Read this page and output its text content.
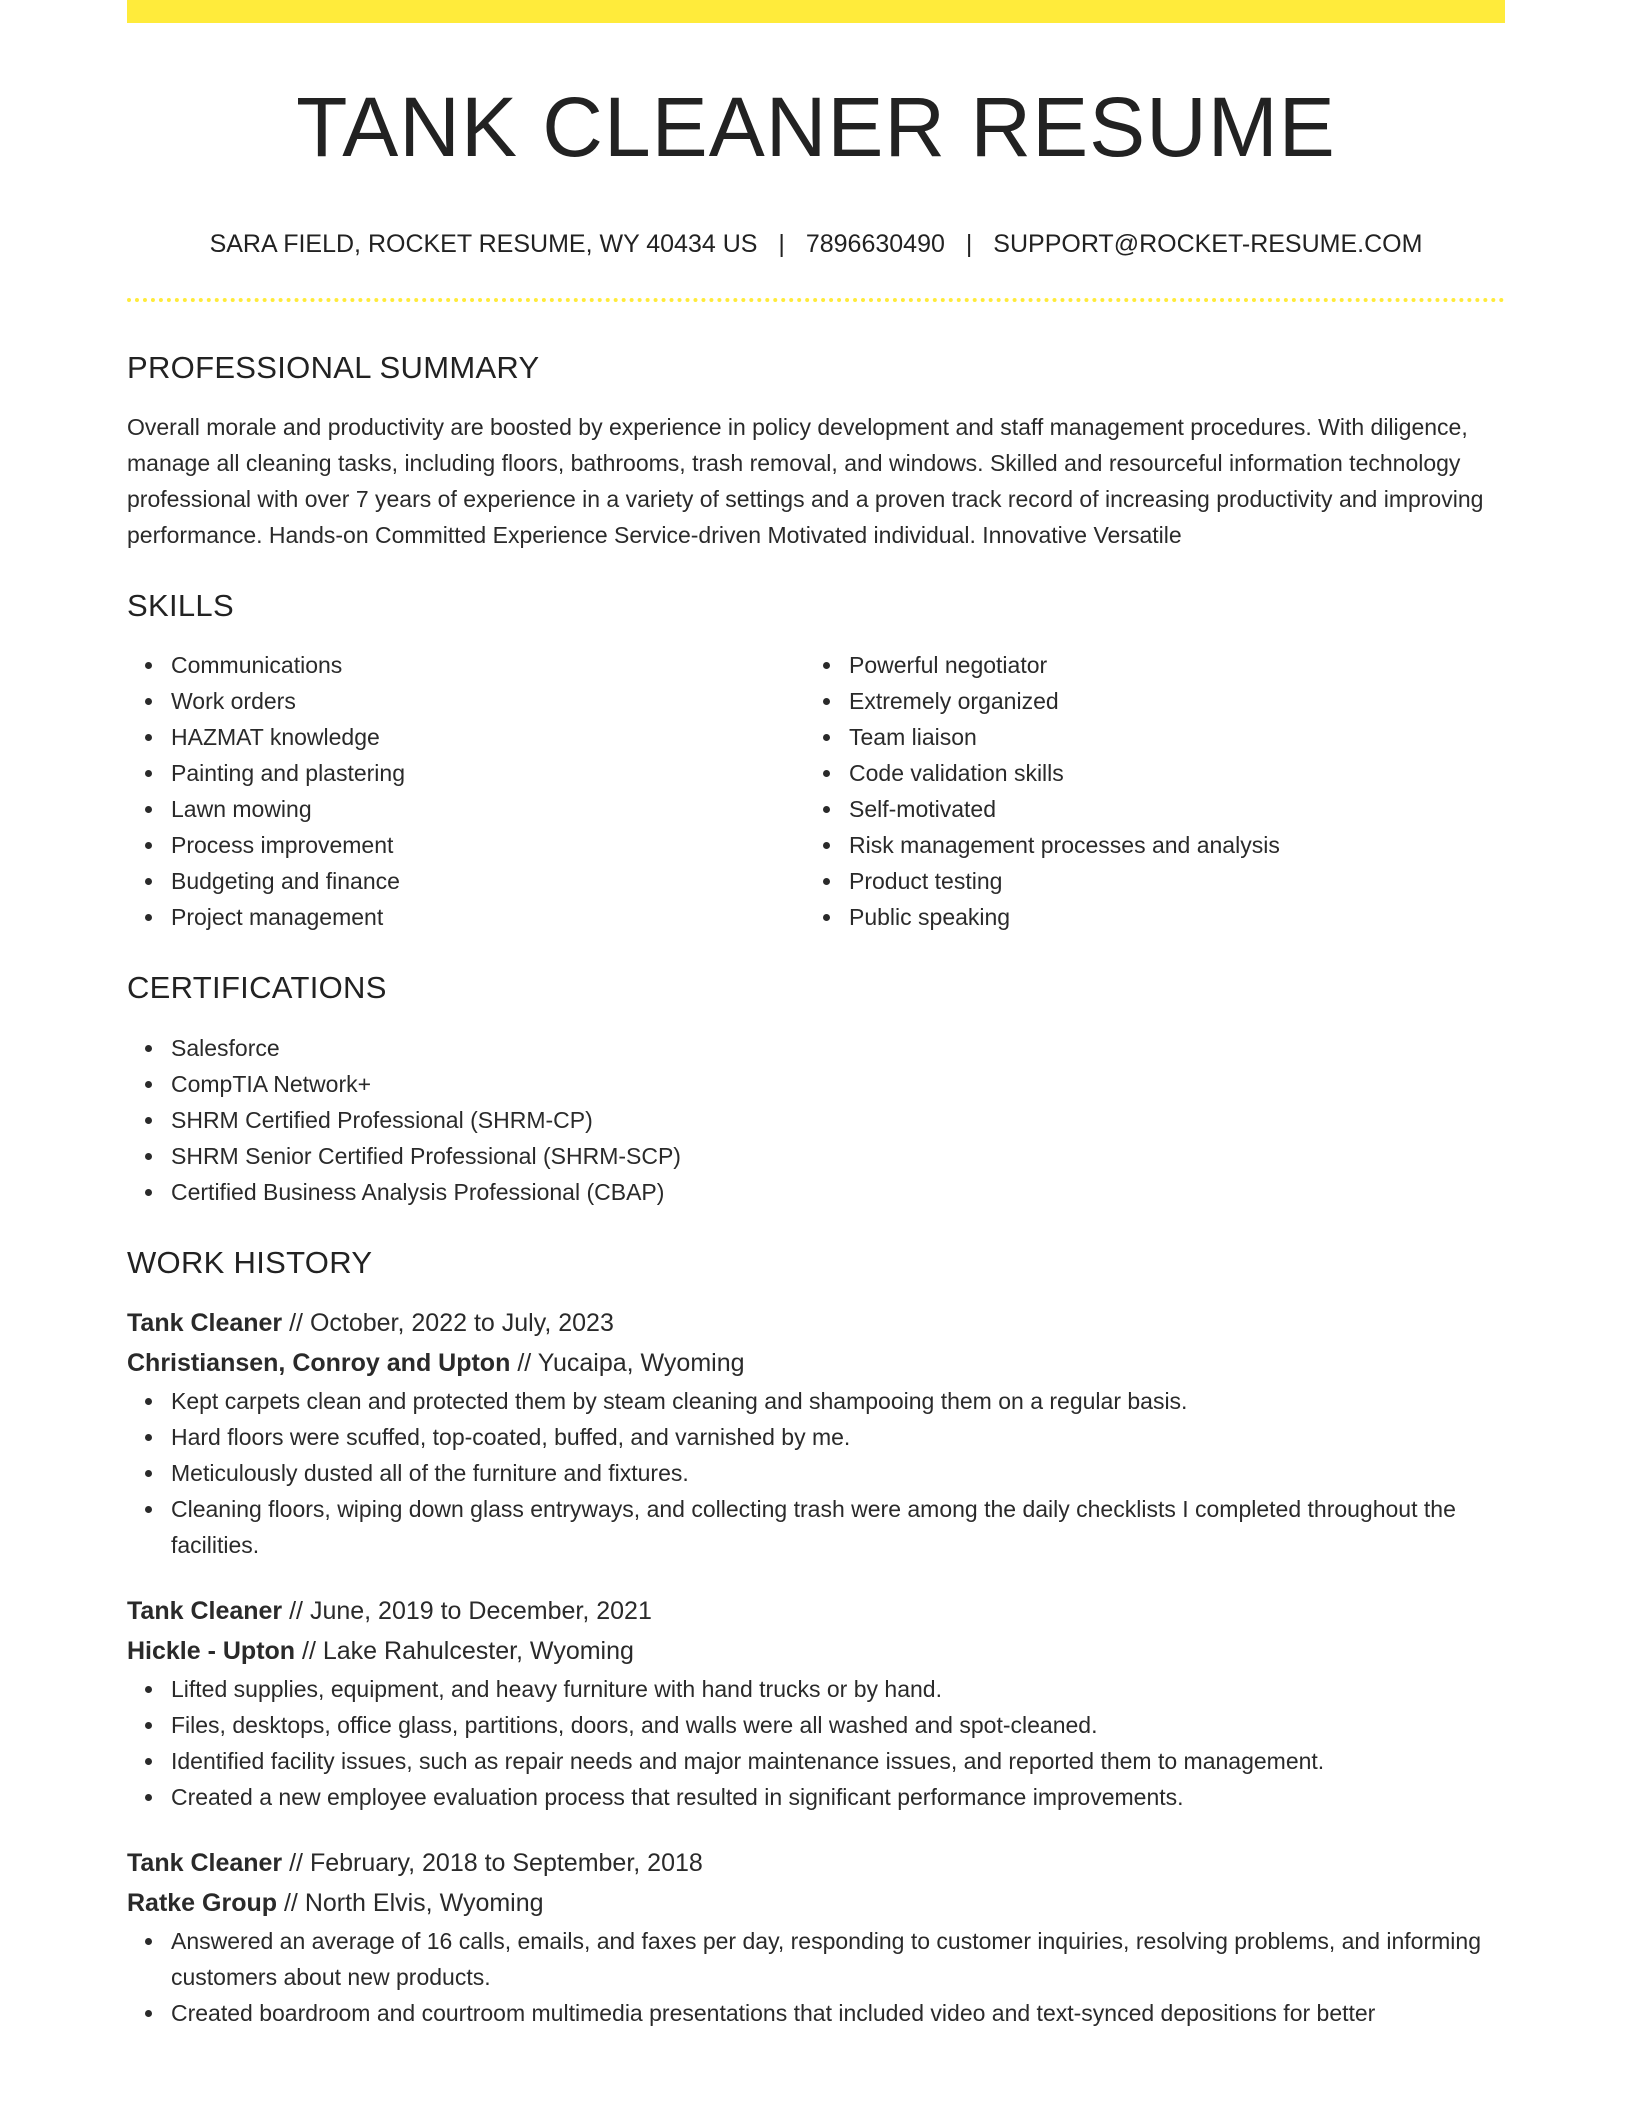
TANK CLEANER RESUME
SARA FIELD, ROCKET RESUME, WY 40434 US | 7896630490 | SUPPORT@ROCKET-RESUME.COM
PROFESSIONAL SUMMARY
Overall morale and productivity are boosted by experience in policy development and staff management procedures. With diligence, manage all cleaning tasks, including floors, bathrooms, trash removal, and windows. Skilled and resourceful information technology professional with over 7 years of experience in a variety of settings and a proven track record of increasing productivity and improving performance. Hands-on Committed Experience Service-driven Motivated individual. Innovative Versatile
SKILLS
Communications
Work orders
HAZMAT knowledge
Painting and plastering
Lawn mowing
Process improvement
Budgeting and finance
Project management
Powerful negotiator
Extremely organized
Team liaison
Code validation skills
Self-motivated
Risk management processes and analysis
Product testing
Public speaking
CERTIFICATIONS
Salesforce
CompTIA Network+
SHRM Certified Professional (SHRM-CP)
SHRM Senior Certified Professional (SHRM-SCP)
Certified Business Analysis Professional (CBAP)
WORK HISTORY
Tank Cleaner // October, 2022 to July, 2023
Christiansen, Conroy and Upton // Yucaipa, Wyoming
Kept carpets clean and protected them by steam cleaning and shampooing them on a regular basis.
Hard floors were scuffed, top-coated, buffed, and varnished by me.
Meticulously dusted all of the furniture and fixtures.
Cleaning floors, wiping down glass entryways, and collecting trash were among the daily checklists I completed throughout the facilities.
Tank Cleaner // June, 2019 to December, 2021
Hickle - Upton // Lake Rahulcester, Wyoming
Lifted supplies, equipment, and heavy furniture with hand trucks or by hand.
Files, desktops, office glass, partitions, doors, and walls were all washed and spot-cleaned.
Identified facility issues, such as repair needs and major maintenance issues, and reported them to management.
Created a new employee evaluation process that resulted in significant performance improvements.
Tank Cleaner // February, 2018 to September, 2018
Ratke Group // North Elvis, Wyoming
Answered an average of 16 calls, emails, and faxes per day, responding to customer inquiries, resolving problems, and informing customers about new products.
Created boardroom and courtroom multimedia presentations that included video and text-synced depositions for better
